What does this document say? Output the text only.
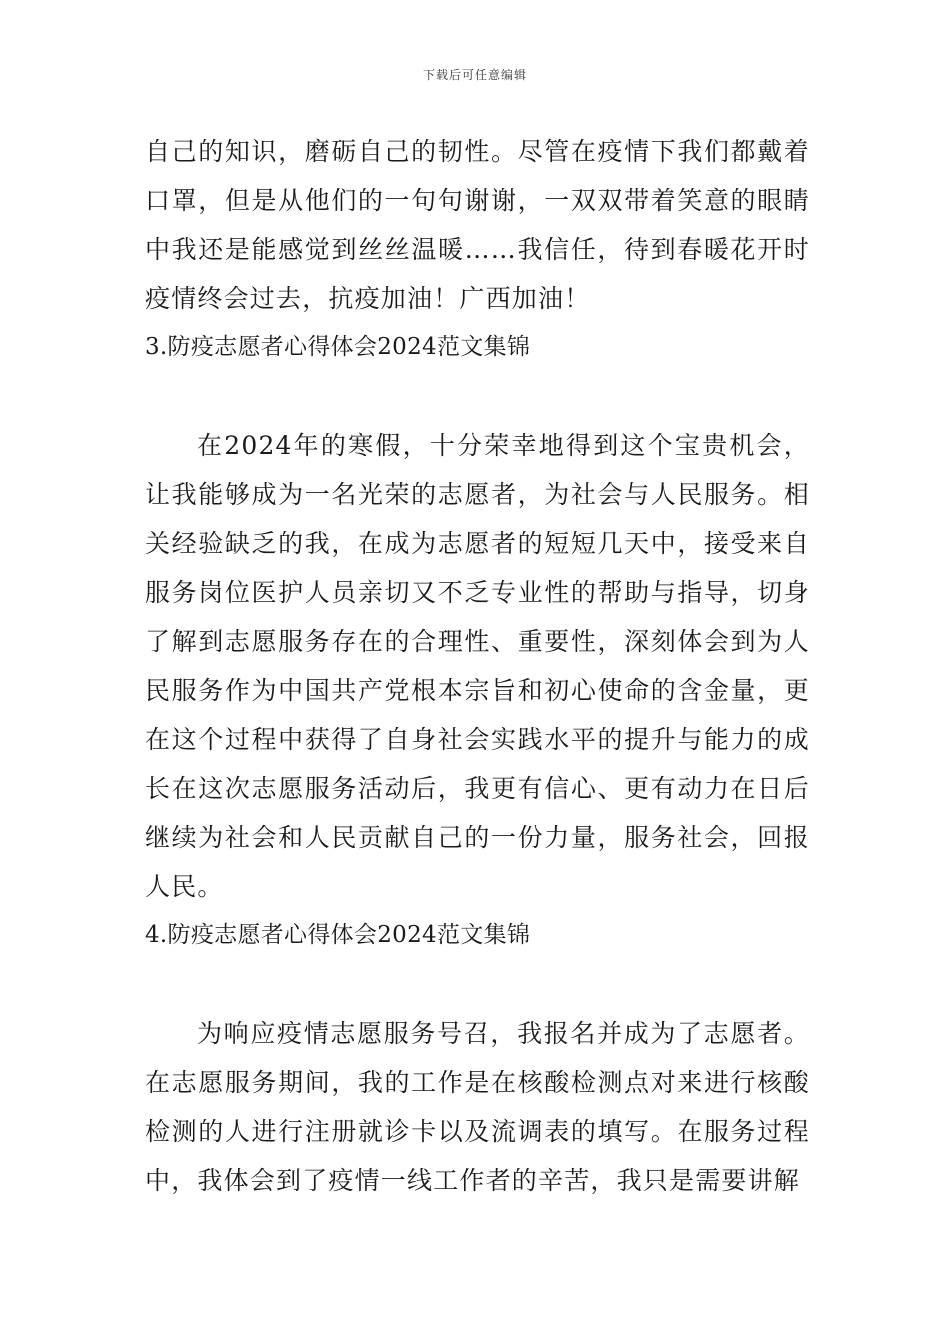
下载后可任意编辑

自己的知识，磨砺自己的韧性。尽管在疫情下我们都戴着口罩，但是从他们的一句句谢谢，一双双带着笑意的眼睛中我还是能感觉到丝丝温暖……我信任，待到春暖花开时疫情终会过去，抗疫加油！广西加油！

3.防疫志愿者心得体会2024范文集锦

在2024年的寒假，十分荣幸地得到这个宝贵机会，让我能够成为一名光荣的志愿者，为社会与人民服务。相关经验缺乏的我，在成为志愿者的短短几天中，接受来自服务岗位医护人员亲切又不乏专业性的帮助与指导，切身了解到志愿服务存在的合理性、重要性，深刻体会到为人民服务作为中国共产党根本宗旨和初心使命的含金量，更在这个过程中获得了自身社会实践水平的提升与能力的成长在这次志愿服务活动后，我更有信心、更有动力在日后继续为社会和人民贡献自己的一份力量，服务社会，回报人民。

4.防疫志愿者心得体会2024范文集锦

为响应疫情志愿服务号召，我报名并成为了志愿者。在志愿服务期间，我的工作是在核酸检测点对来进行核酸检测的人进行注册就诊卡以及流调表的填写。在服务过程中，我体会到了疫情一线工作者的辛苦，我只是需要讲解
